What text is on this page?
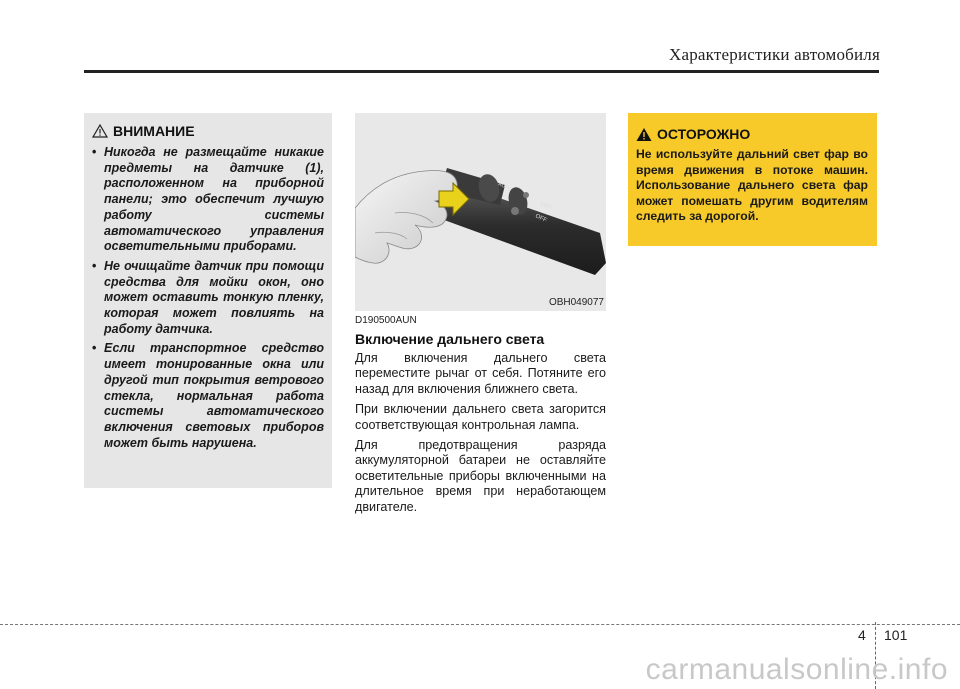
Характеристики автомобиля
ВНИМАНИЕ
• Никогда не размещайте никакие предметы на датчике (1), расположенном на приборной панели; это обеспечит лучшую работу системы автоматического управления осветительными приборами.
• Не очищайте датчик при помощи средства для мойки окон, оно может оставить тонкую пленку, которая может повлиять на работу датчика.
• Если транспортное средство имеет тонированные окна или другой тип покрытия ветрового стекла, нормальная работа системы автоматического включения световых приборов может быть нарушена.
OFF
OFF
AUTO
OBH049077
D190500AUN
Включение дальнего света

Для включения дальнего света переместите рычаг от себя. Потяните его назад для включения ближнего света.

При включении дальнего света загорится соответствующая контрольная лампа.

Для предотвращения разряда аккумуляторной батареи не оставляйте осветительные приборы включенными на длительное время при неработающем двигателе.

ОСТОРОЖНО

Не используйте дальний свет фар во время движения в потоке машин. Использование дальнего света фар может помешать другим водителям следить за дорогой.

4 101
carmanualsonline.info
